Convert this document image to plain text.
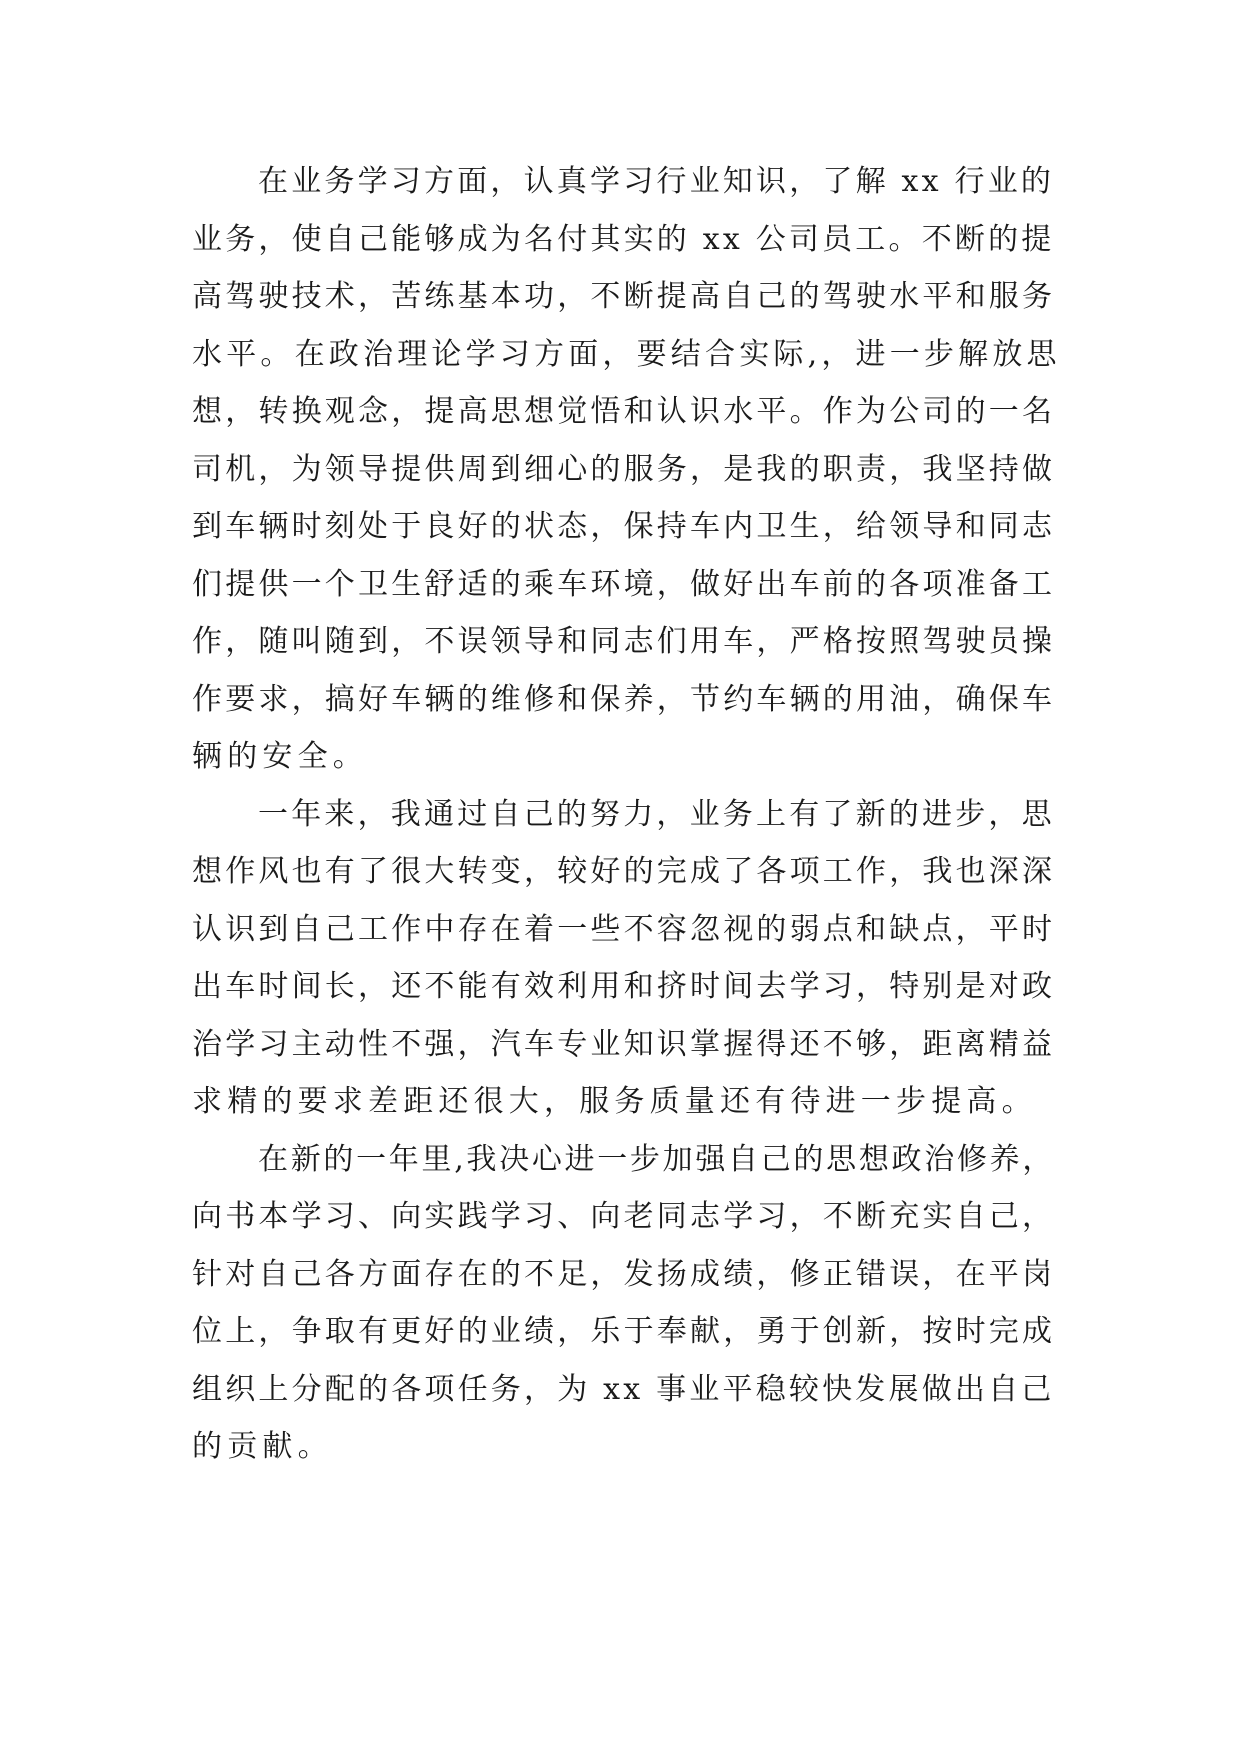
在业务学习方面，认真学习行业知识，了解 xx 行业的
业务，使自己能够成为名付其实的 xx 公司员工。不断的提
高驾驶技术，苦练基本功，不断提高自己的驾驶水平和服务
水平。在政治理论学习方面，要结合实际,，进一步解放思
想，转换观念，提高思想觉悟和认识水平。作为公司的一名
司机，为领导提供周到细心的服务，是我的职责，我坚持做
到车辆时刻处于良好的状态，保持车内卫生，给领导和同志
们提供一个卫生舒适的乘车环境，做好出车前的各项准备工
作，随叫随到，不误领导和同志们用车，严格按照驾驶员操
作要求，搞好车辆的维修和保养，节约车辆的用油，确保车
辆的安全。
一年来，我通过自己的努力，业务上有了新的进步，思
想作风也有了很大转变，较好的完成了各项工作，我也深深
认识到自己工作中存在着一些不容忽视的弱点和缺点，平时
出车时间长，还不能有效利用和挤时间去学习，特别是对政
治学习主动性不强，汽车专业知识掌握得还不够，距离精益
求精的要求差距还很大，服务质量还有待进一步提高。
在新的一年里,我决心进一步加强自己的思想政治修养，
向书本学习、向实践学习、向老同志学习，不断充实自己，
针对自己各方面存在的不足，发扬成绩，修正错误，在平岗
位上，争取有更好的业绩，乐于奉献，勇于创新，按时完成
组织上分配的各项任务，为 xx 事业平稳较快发展做出自己
的贡献。
